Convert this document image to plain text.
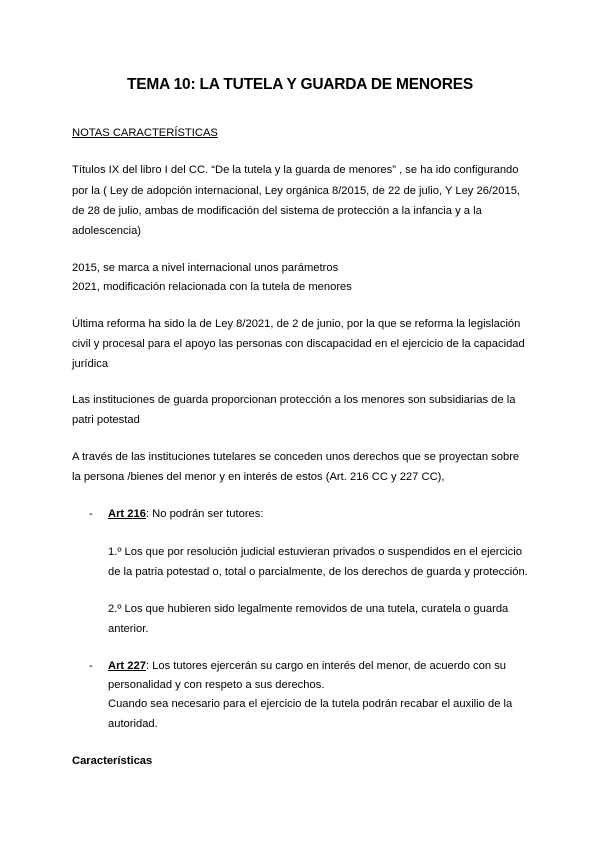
TEMA 10: LA TUTELA Y GUARDA DE MENORES
NOTAS CARACTERÍSTICAS
Títulos IX del libro I del CC. “De la tutela y la guarda de menores” , se ha ido configurando
por la ( Ley de adopción internacional, Ley orgánica 8/2015, de 22 de julio, Y Ley 26/2015,
de 28 de julio, ambas de modificación del sistema de protección a la infancia y a la
adolescencia)
2015, se marca a nivel internacional unos parámetros
2021, modificación relacionada con la tutela de menores
Última reforma ha sido la de Ley 8/2021, de 2 de junio, por la que se reforma la legislación
civil y procesal para el apoyo las personas con discapacidad en el ejercicio de la capacidad
jurídica
Las instituciones de guarda proporcionan protección a los menores son subsidiarias de la
patri potestad
A través de las instituciones tutelares se conceden unos derechos que se proyectan sobre
la persona /bienes del menor y en interés de estos (Art. 216 CC y 227 CC),
- Art 216: No podrán ser tutores:
1.º Los que por resolución judicial estuvieran privados o suspendidos en el ejercicio
de la patria potestad o, total o parcialmente, de los derechos de guarda y protección.
2.º Los que hubieren sido legalmente removidos de una tutela, curatela o guarda
anterior.
- Art 227: Los tutores ejercerán su cargo en interés del menor, de acuerdo con su
personalidad y con respeto a sus derechos.
Cuando sea necesario para el ejercicio de la tutela podrán recabar el auxilio de la
autoridad.
Características
